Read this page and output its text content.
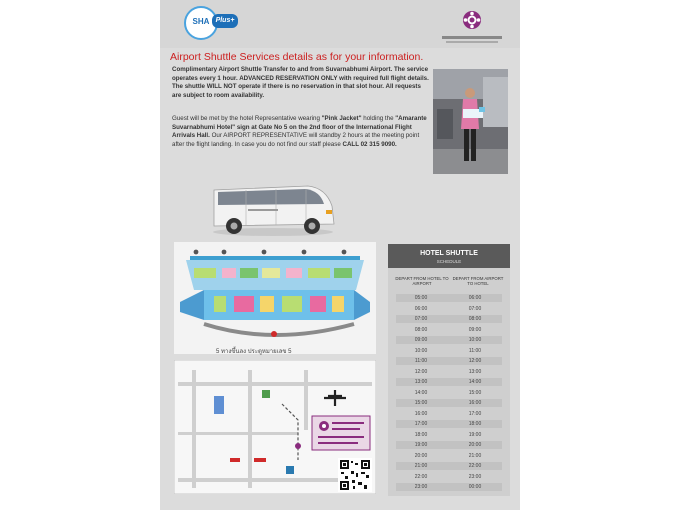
SHA Plus+
Airport Shuttle Services details as for your information.
Complimentary Airport Shuttle Transfer to and from Suvarnabhumi Airport. The service operates every 1 hour. ADVANCED RESERVATION ONLY with required full flight details. The shuttle WILL NOT operate if there is no reservation in that slot hour. All requests are subject to room availability.
Guest will be met by the hotel Representative wearing "Pink Jacket" holding the "Amarante Suvarnabhumi Hotel" sign at Gate No 5 on the 2nd floor of the International Flight Arrivals Hall. Our AIRPORT REPRESENTATIVE will standby 2 hours at the meeting point after the flight landing. In case you do not find our staff please CALL 02 315 9090.
5 ทางขึ้นลง ประตูหมายเลข 5
HOTEL SHUTTLE
SCHEDULE
DEPART FROM HOTEL TO AIRPORT
DEPART FROM AIRPORT TO HOTEL
05:00	06:00
06:00	07:00
07:00	08:00
08:00	09:00
09:00	10:00
10:00	11:00
11:00	12:00
12:00	13:00
13:00	14:00
14:00	15:00
15:00	16:00
16:00	17:00
17:00	18:00
18:00	19:00
19:00	20:00
20:00	21:00
21:00	22:00
22:00	23:00
23:00	00:00
